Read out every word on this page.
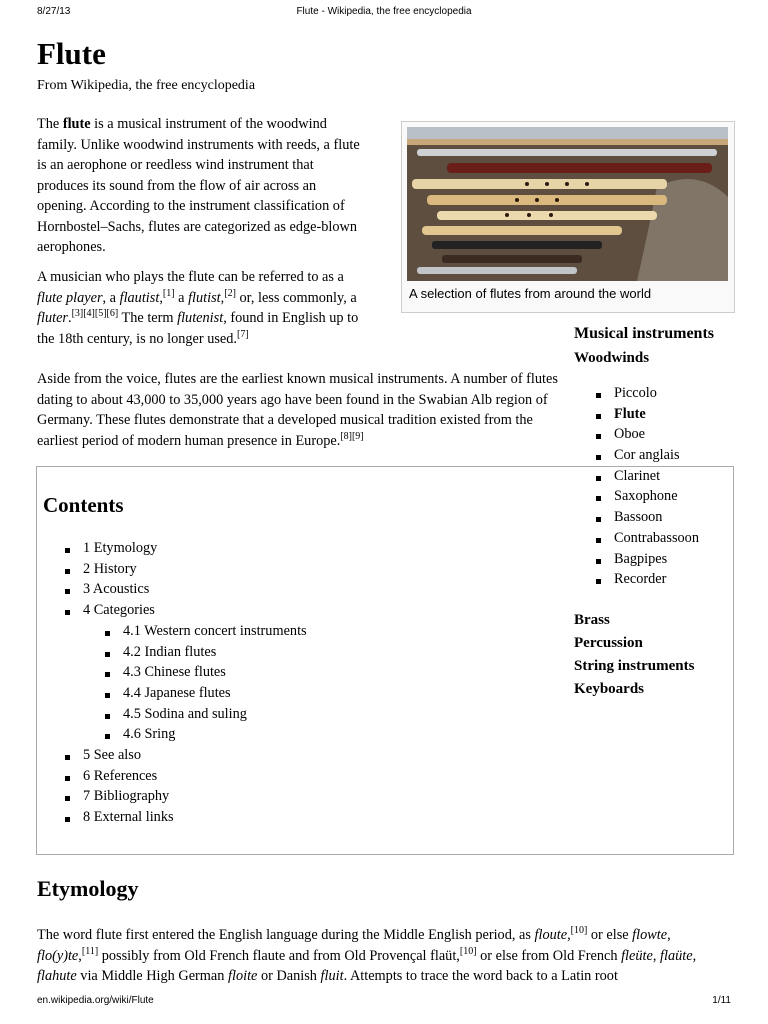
8/27/13	Flute - Wikipedia, the free encyclopedia
Flute
From Wikipedia, the free encyclopedia

The flute is a musical instrument of the woodwind family. Unlike woodwind instruments with reeds, a flute is an aerophone or reedless wind instrument that produces its sound from the flow of air across an opening. According to the instrument classification of Hornbostel–Sachs, flutes are categorized as edge-blown aerophones.

A musician who plays the flute can be referred to as a flute player, a flautist,[1] a flutist,[2] or, less commonly, a fluter.[3][4][5][6] The term flutenist, found in English up to the 18th century, is no longer used.[7]

Aside from the voice, flutes are the earliest known musical instruments. A number of flutes dating to about 43,000 to 35,000 years ago have been found in the Swabian Alb region of Germany. These flutes demonstrate that a developed musical tradition existed from the earliest period of modern human presence in Europe.[8][9]

A selection of flutes from around the world
Musical instruments
Woodwinds
Piccolo
Flute
Oboe
Cor anglais
Clarinet
Saxophone
Bassoon
Contrabassoon
Bagpipes
Recorder
Brass
Percussion
String instruments
Keyboards
Contents
1 Etymology
2 History
3 Acoustics
4 Categories
4.1 Western concert instruments
4.2 Indian flutes
4.3 Chinese flutes
4.4 Japanese flutes
4.5 Sodina and suling
4.6 Sring
5 See also
6 References
7 Bibliography
8 External links
Etymology

The word flute first entered the English language during the Middle English period, as floute,[10] or else flowte, flo(y)te,[11] possibly from Old French flaute and from Old Provençal flaüt,[10] or else from Old French fleüte, flaüte, flahute via Middle High German floite or Danish fluit. Attempts to trace the word back to a Latin root

en.wikipedia.org/wiki/Flute	1/11
